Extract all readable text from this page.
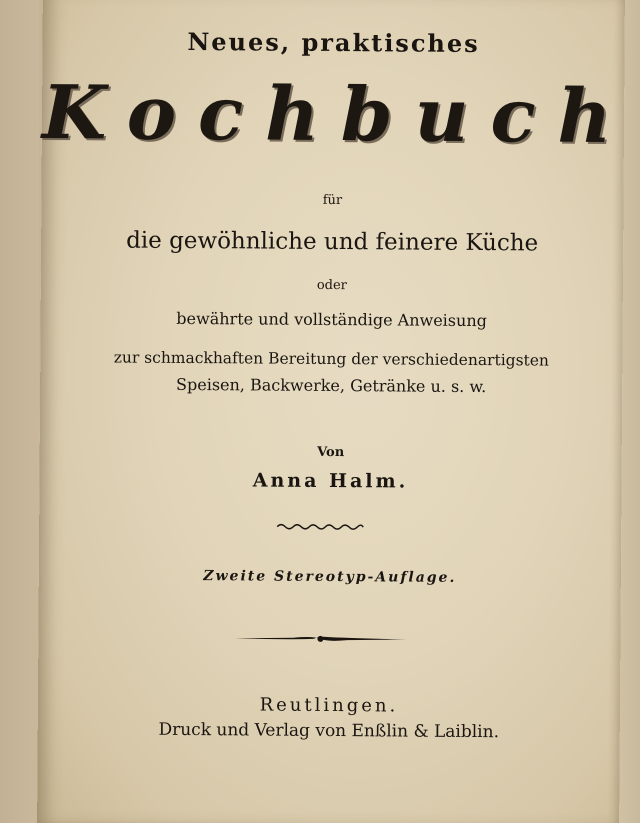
Neues, praktisches
Kochbuch
für
die gewöhnliche und feinere Küche
oder
bewährte und vollständige Anweisung
zur schmackhaften Bereitung der verschiedenartigsten
Speisen, Backwerke, Getränke u. s. w.
Von
Anna Halm.
Zweite Stereotyp-Auflage.
Reutlingen.
Druck und Verlag von Enßlin & Laiblin.
